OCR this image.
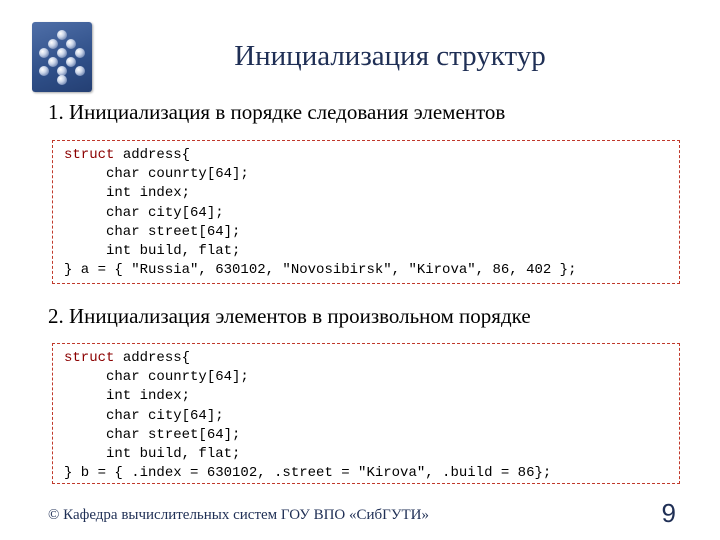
Инициализация структур
1. Инициализация в порядке следования элементов
struct address{
char counrty[64];
int index;
char city[64];
char street[64];
int build, flat;
} a = { "Russia", 630102, "Novosibirsk", "Kirova", 86, 402 };
2. Инициализация элементов в произвольном порядке
struct address{
char counrty[64];
int index;
char city[64];
char street[64];
int build, flat;
} b = { .index = 630102, .street = "Kirova", .build = 86};
© Кафедра вычислительных систем ГОУ ВПО «СибГУТИ»	9
